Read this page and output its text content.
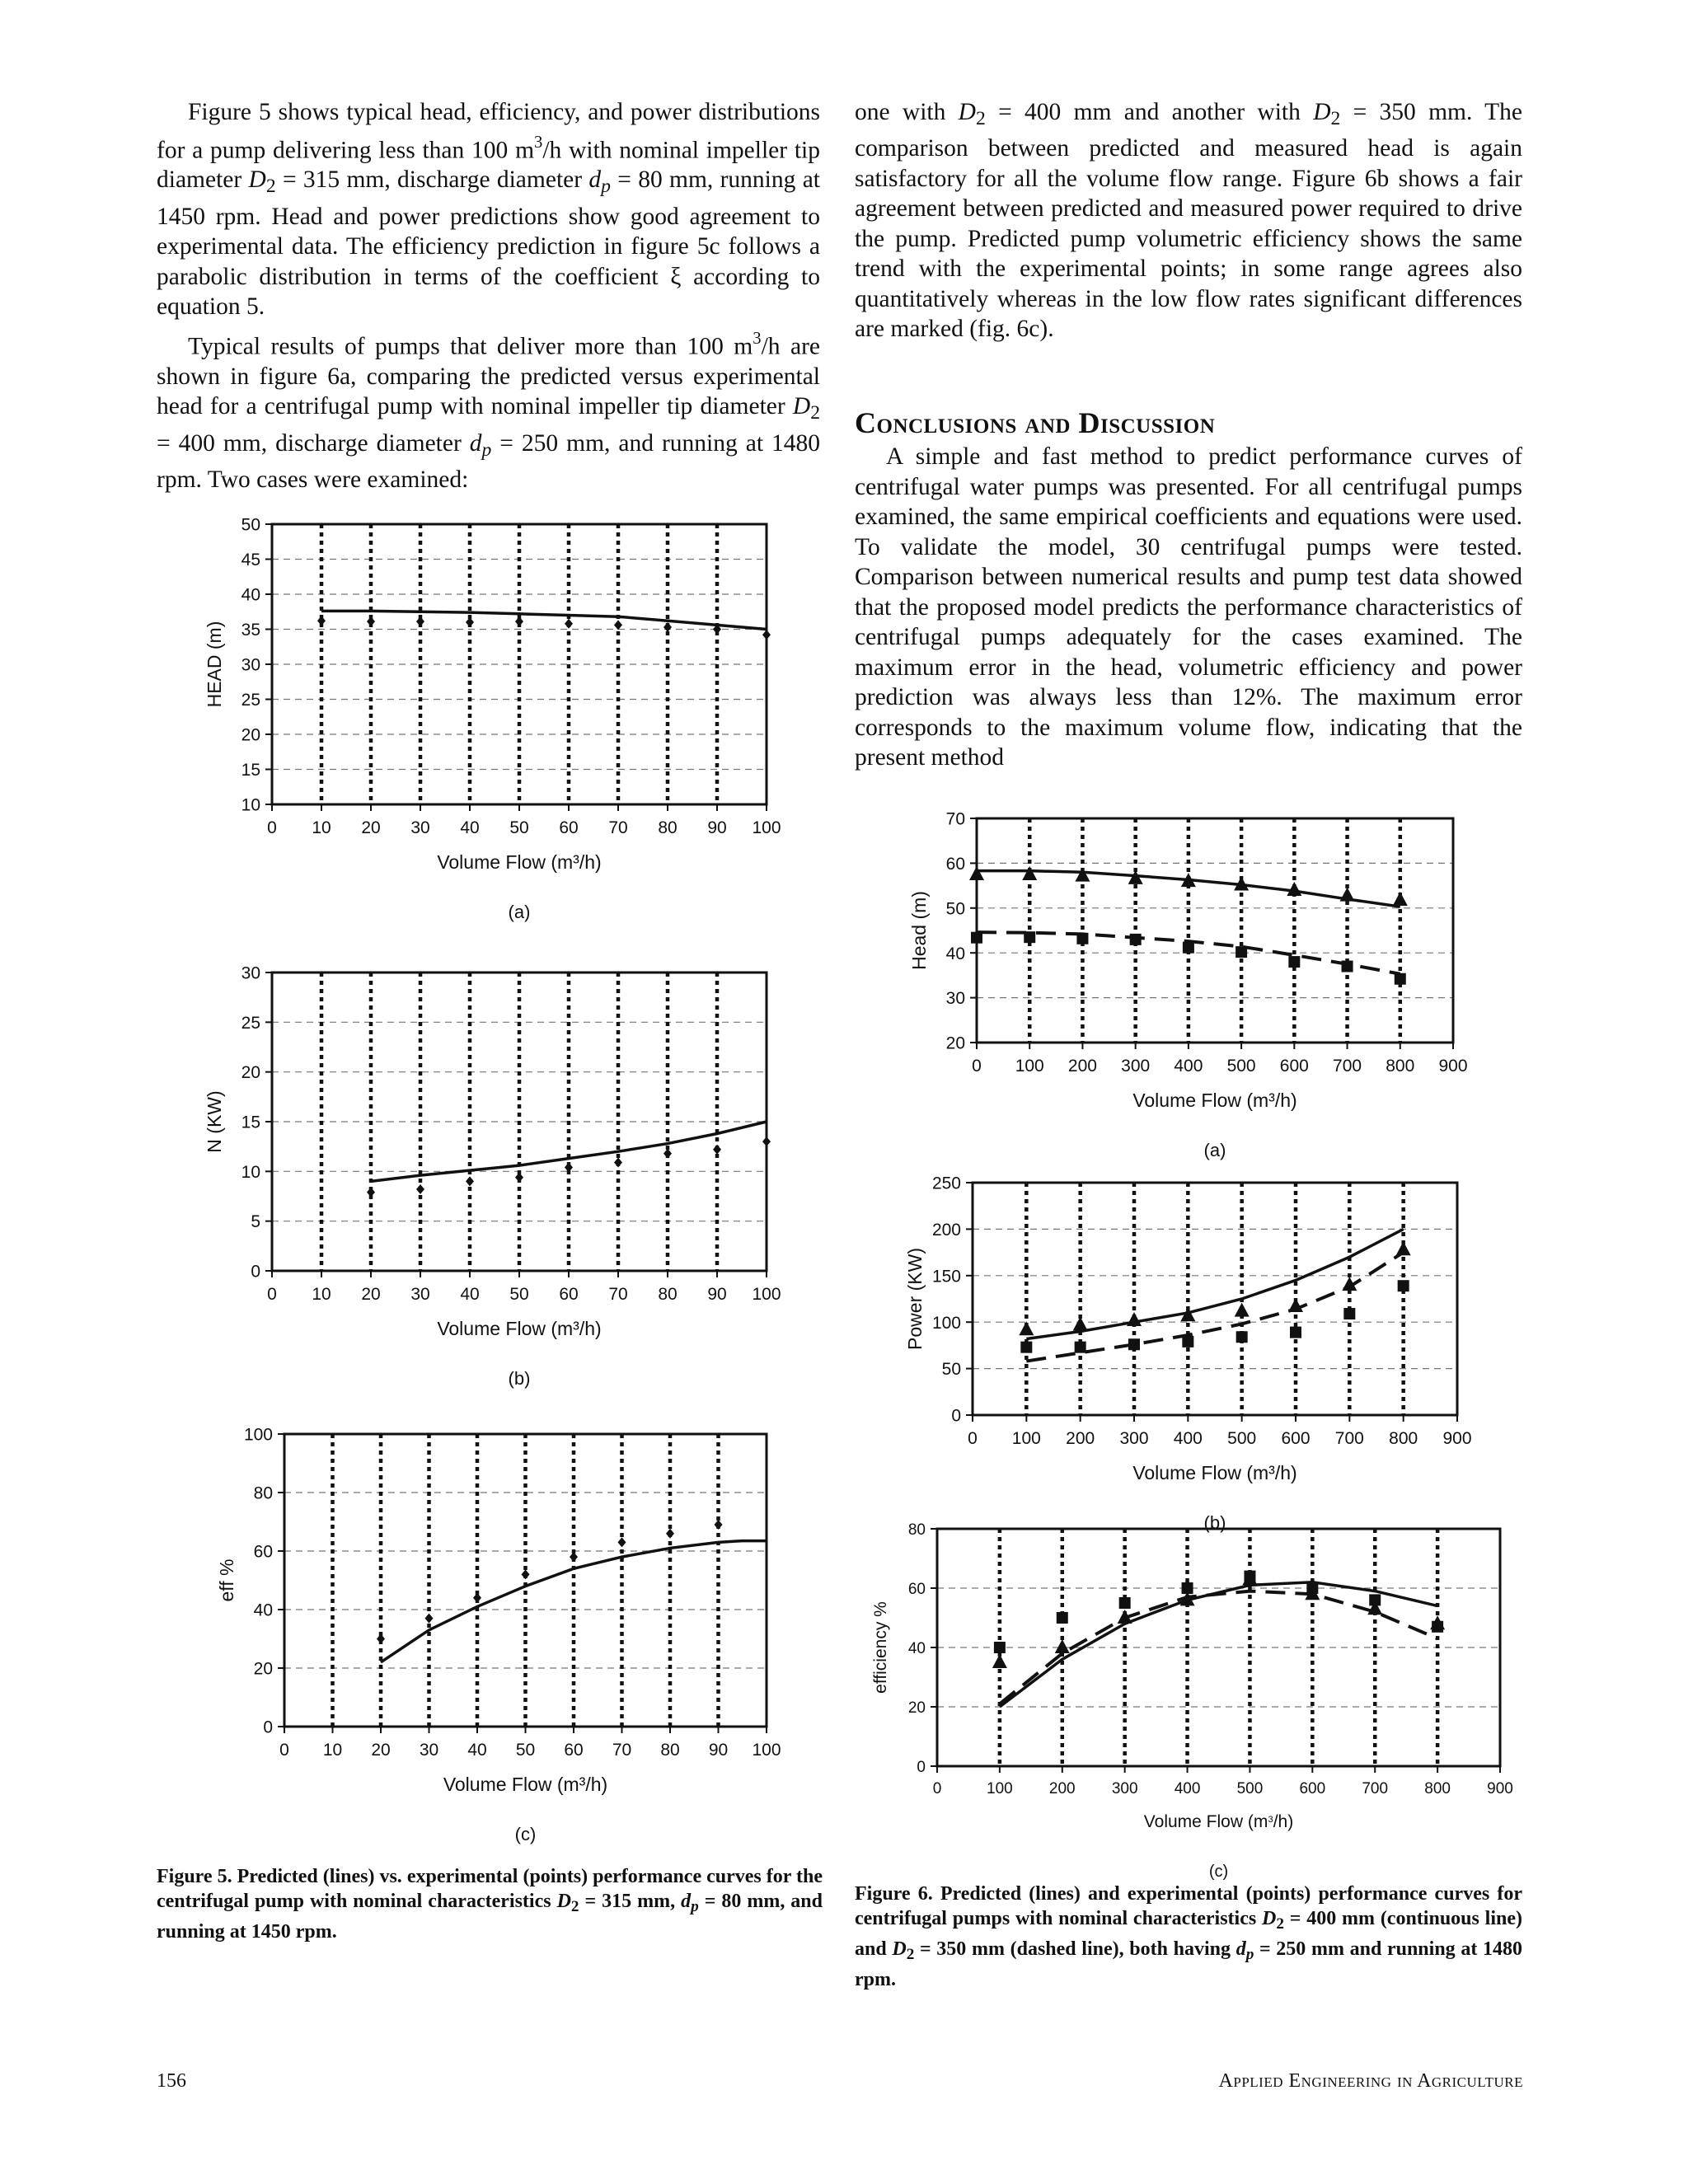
Figure 5 shows typical head, efficiency, and power distributions for a pump delivering less than 100 $m^3/h$ with nominal impeller tip diameter $D_2 = 315$ mm, discharge diameter $d_p = 80$ mm, running at 1450 rpm. Head and power predictions show good agreement to experimental data. The efficiency prediction in figure 5c follows a parabolic distribution in terms of the coefficient ξ according to equation 5.

Typical results of pumps that deliver more than 100 $m^3/h$ are shown in figure 6a, comparing the predicted versus experimental head for a centrifugal pump with nominal impeller tip diameter $D_2 = 400$ mm, discharge diameter $d_p = 250$ mm, and running at 1480 rpm. Two cases were examined:

one with $D_2 = 400$ mm and another with $D_2 = 350$ mm. The comparison between predicted and measured head is again satisfactory for all the volume flow range. Figure 6b shows a fair agreement between predicted and measured power required to drive the pump. Predicted pump volumetric efficiency shows the same trend with the experimental points; in some range agrees also quantitatively whereas in the low flow rates significant differences are marked (fig. 6c).

Conclusions and Discussion

A simple and fast method to predict performance curves of centrifugal water pumps was presented. For all centrifugal pumps examined, the same empirical coefficients and equations were used. To validate the model, 30 centrifugal pumps were tested. Comparison between numerical results and pump test data showed that the proposed model predicts the performance characteristics of centrifugal pumps adequately for the cases examined. The maximum error in the head, volumetric efficiency and power prediction was always less than 12%. The maximum error corresponds to the maximum volume flow, indicating that the present method

10
15
20
25
30
35
40
45
50
0 10 20 30 40 50 60 70 80 90 100
Volume Flow (m³/h)
HEAD (m)
(a)
0
5
10
15
20
25
30
0 10 20 30 40 50 60 70 80 90 100
Volume Flow (m³/h)
N (KW)
(b)
0
20
40
60
80
100
0 10 20 30 40 50 60 70 80 90 100
Volume Flow (m³/h)
eff %
(c)
20
30
40
50
60
70
0 100 200 300 400 500 600 700 800 900
Volume Flow (m³/h)
Head (m)
(a)
0
50
100
150
200
250
0 100 200 300 400 500 600 700 800 900
Volume Flow (m³/h)
Power (KW)
(b)
0
20
40
60
80
0	100 200 300 400 500 600 700 800 900
Volume Flow $(m^3/h)$
efficiency %
(c)
Figure 5. Predicted (lines) vs. experimental (points) performance curves for the centrifugal pump with nominal characteristics $D_2 = 315$ mm, $d_p = 80$ mm, and running at 1450 rpm.
Figure 6. Predicted (lines) and experimental (points) performance curves for centrifugal pumps with nominal characteristics $D_2 = 400$ mm (continuous line) and $D_2 = 350$ mm (dashed line), both having $d_p = 250$ mm and running at 1480 rpm.
156	Applied Engineering in Agriculture
